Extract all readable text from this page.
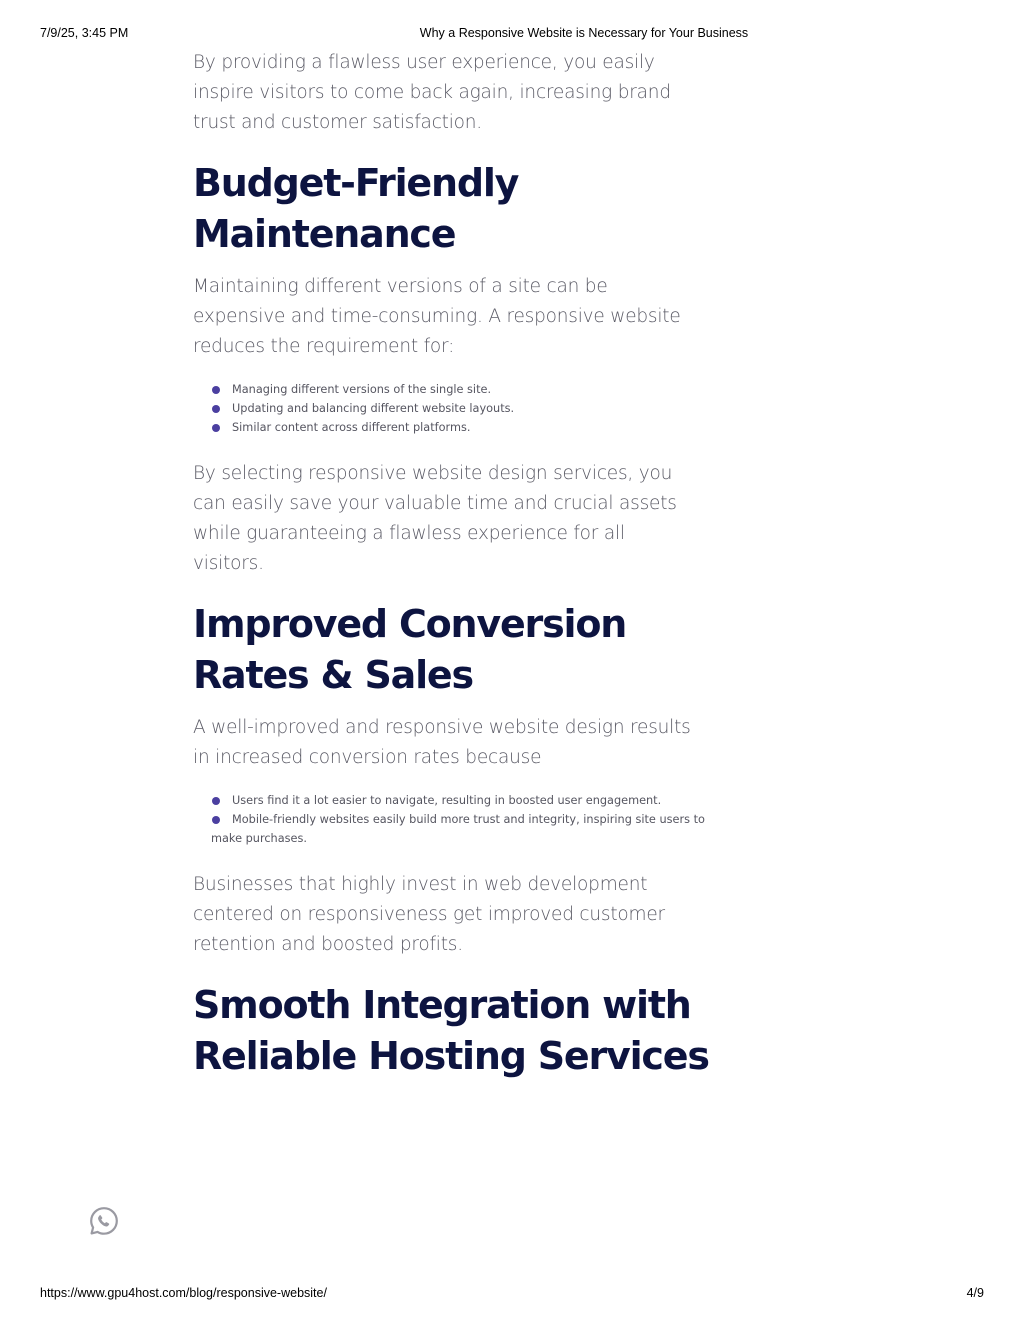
7/9/25, 3:45 PM	Why a Responsive Website is Necessary for Your Business

By providing a flawless user experience, you easily
inspire visitors to come back again, increasing brand
trust and customer satisfaction.

Budget-Friendly
Maintenance

Maintaining different versions of a site can be
expensive and time-consuming. A responsive website
reduces the requirement for:

Managing different versions of the single site.
Updating and balancing different website layouts.
Similar content across different platforms.

By selecting responsive website design services, you
can easily save your valuable time and crucial assets
while guaranteeing a flawless experience for all
visitors.

Improved Conversion
Rates & Sales

A well-improved and responsive website design results
in increased conversion rates because

Users find it a lot easier to navigate, resulting in boosted user engagement.
Mobile-friendly websites easily build more trust and integrity, inspiring site users to make purchases.

Businesses that highly invest in web development
centered on responsiveness get improved customer
retention and boosted profits.

Smooth Integration with
Reliable Hosting Services
https://www.gpu4host.com/blog/responsive-website/	4/9
